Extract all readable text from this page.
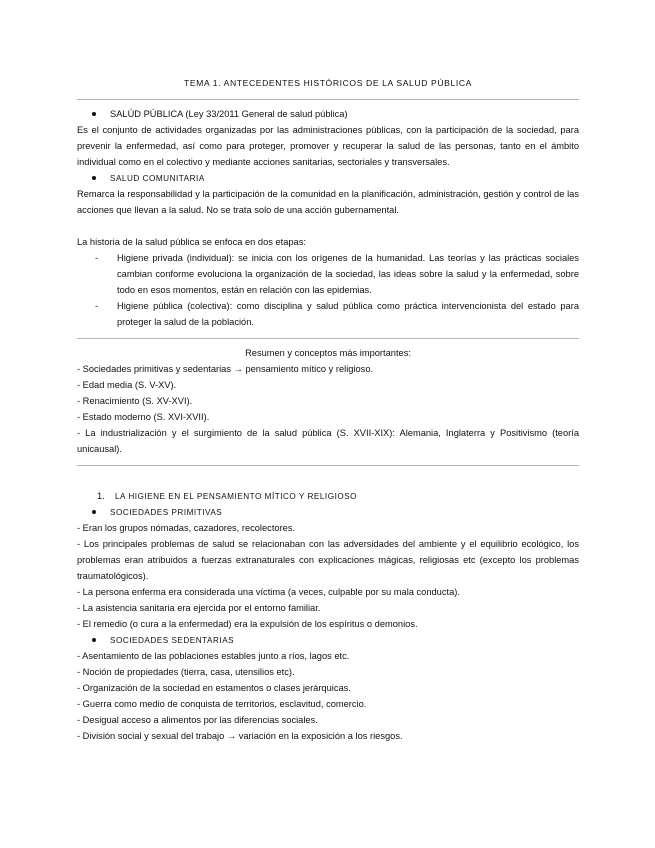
TEMA 1. ANTECEDENTES HISTÓRICOS DE LA SALUD PÚBLICA
SALÚD PÚBLICA (Ley 33/2011 General de salud pública)

Es el conjunto de actividades organizadas por las administraciones públicas, con la participación de la sociedad, para prevenir la enfermedad, así como para proteger, promover y recuperar la salud de las personas, tanto en el ámbito individual como en el colectivo y mediante acciones sanitarias, sectoriales y transversales.

SALUD COMUNITARIA

Remarca la responsabilidad y la participación de la comunidad en la planificación, administración, gestión y control de las acciones que llevan a la salud. No se trata solo de una acción gubernamental.

La historia de la salud pública se enfoca en dos etapas:

-	Higiene privada (individual): se inicia con los orígenes de la humanidad. Las teorías y las prácticas sociales cambian conforme evoluciona la organización de la sociedad, las ideas sobre la salud y la enfermedad, sobre todo en esos momentos, están en relación con las epidemias.
-	Higiene pública (colectiva): como disciplina y salud pública como práctica intervencionista del estado para proteger la salud de la población.

Resumen y conceptos más importantes:

- Sociedades primitivas y sedentarias → pensamiento mítico y religioso.

- Edad media (S. V-XV).

- Renacimiento (S. XV-XVI).

- Estado moderno (S. XVI-XVII).

- La industrialización y el surgimiento de la salud pública (S. XVII-XIX): Alemania, Inglaterra y Positivismo (teoría unicausal).

1. LA HIGIENE EN EL PENSAMIENTO MÍTICO Y RELIGIOSO
SOCIEDADES PRIMITIVAS

- Eran los grupos nómadas, cazadores, recolectores.

- Los principales problemas de salud se relacionaban con las adversidades del ambiente y el equilibrio ecológico, los problemas eran atribuidos a fuerzas extranaturales con explicaciones mágicas, religiosas etc (excepto los problemas traumatológicos).

- La persona enferma era considerada una víctima (a veces, culpable por su mala conducta).

- La asistencia sanitaria era ejercida por el entorno familiar.

- El remedio (o cura a la enfermedad) era la expulsión de los espíritus o demonios.

SOCIEDADES SEDENTARIAS

- Asentamiento de las poblaciones estables junto a ríos, lagos etc.

- Noción de propiedades (tierra, casa, utensilios etc).

- Organización de la sociedad en estamentos o clases jerárquicas.

- Guerra como medio de conquista de territorios, esclavitud, comercio.

- Desigual acceso a alimentos por las diferencias sociales.

- División social y sexual del trabajo → variación en la exposición a los riesgos.
